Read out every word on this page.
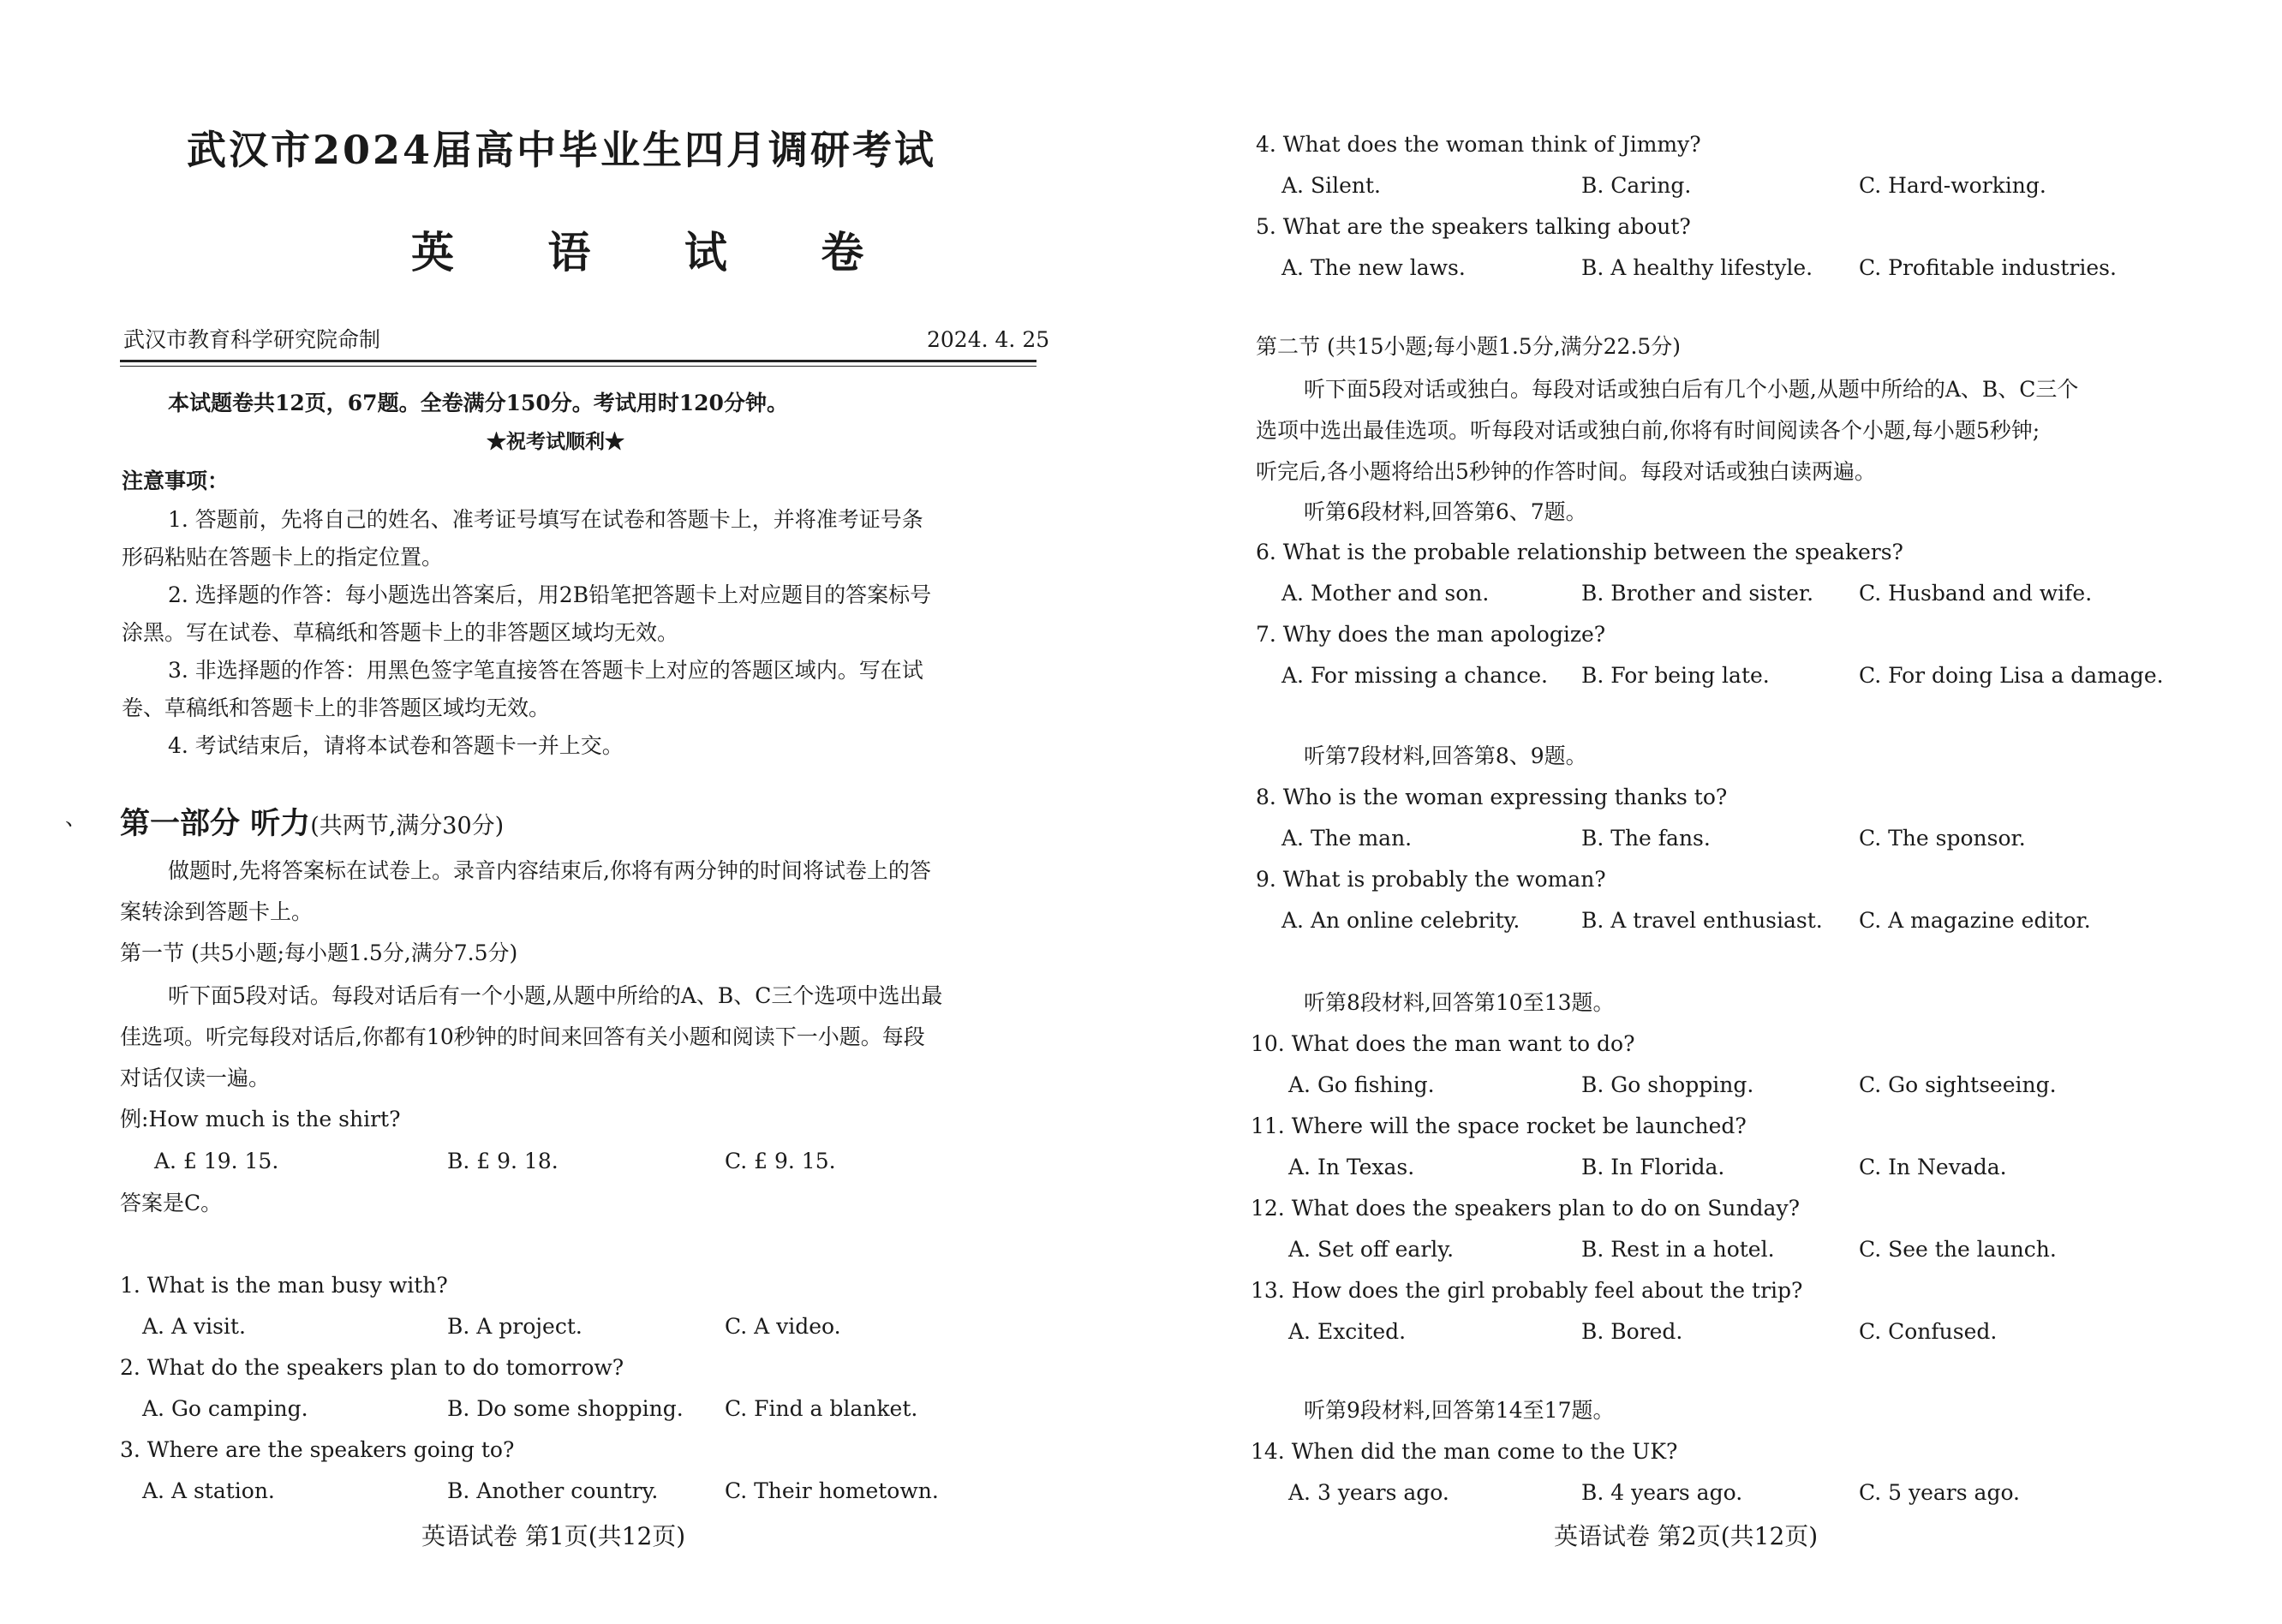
武汉市2024届高中毕业生四月调研考试
英 语 试 卷
武汉市教育科学研究院命制	2024. 4. 25
本试题卷共12页，67题。全卷满分150分。考试用时120分钟。
★祝考试顺利★
注意事项：
1. 答题前，先将自己的姓名、准考证号填写在试卷和答题卡上，并将准考证号条
形码粘贴在答题卡上的指定位置。
2. 选择题的作答：每小题选出答案后，用2B铅笔把答题卡上对应题目的答案标号
涂黑。写在试卷、草稿纸和答题卡上的非答题区域均无效。
3. 非选择题的作答：用黑色签字笔直接答在答题卡上对应的答题区域内。写在试
卷、草稿纸和答题卡上的非答题区域均无效。
4. 考试结束后，请将本试卷和答题卡一并上交。
、 第一部分 听力(共两节,满分30分)
做题时,先将答案标在试卷上。录音内容结束后,你将有两分钟的时间将试卷上的答
案转涂到答题卡上。
第一节 (共5小题;每小题1.5分,满分7.5分)
听下面5段对话。每段对话后有一个小题,从题中所给的A、B、C三个选项中选出最
佳选项。听完每段对话后,你都有10秒钟的时间来回答有关小题和阅读下一小题。每段
对话仅读一遍。
例:How much is the shirt?
A. £ 19. 15.	B. £ 9. 18.	C. £ 9. 15.
答案是C。
1. What is the man busy with?
A. A visit.	B. A project.	C. A video.
2. What do the speakers plan to do tomorrow?
A. Go camping.	B. Do some shopping. C. Find a blanket.
3. Where are the speakers going to?
A. A station.	B. Another country.	C. Their hometown.
英语试卷 第1页(共12页)
4. What does the woman think of Jimmy?
A. Silent.	B. Caring.	C. Hard-working.
5. What are the speakers talking about?
A. The new laws.	B. A healthy lifestyle. C. Profitable industries.
第二节 (共15小题;每小题1.5分,满分22.5分)
听下面5段对话或独白。每段对话或独白后有几个小题,从题中所给的A、B、C三个
选项中选出最佳选项。听每段对话或独白前,你将有时间阅读各个小题,每小题5秒钟;
听完后,各小题将给出5秒钟的作答时间。每段对话或独白读两遍。
听第6段材料,回答第6、7题。
6. What is the probable relationship between the speakers?
A. Mother and son.	B. Brother and sister. C. Husband and wife.
7. Why does the man apologize?
A. For missing a chance. B. For being late.	C. For doing Lisa a damage.
听第7段材料,回答第8、9题。
8. Who is the woman expressing thanks to?
A. The man.	B. The fans.	C. The sponsor.
9. What is probably the woman?
A. An online celebrity.	B. A travel enthusiast. C. A magazine editor.
听第8段材料,回答第10至13题。
10. What does the man want to do?
A. Go fishing.	B. Go shopping.	C. Go sightseeing.
11. Where will the space rocket be launched?
A. In Texas.	B. In Florida.	C. In Nevada.
12. What does the speakers plan to do on Sunday?
A. Set off early.	B. Rest in a hotel.	C. See the launch.
13. How does the girl probably feel about the trip?
A. Excited.	B. Bored.	C. Confused.
听第9段材料,回答第14至17题。
14. When did the man come to the UK?
A. 3 years ago.	B. 4 years ago.	C. 5 years ago.
英语试卷 第2页(共12页)
